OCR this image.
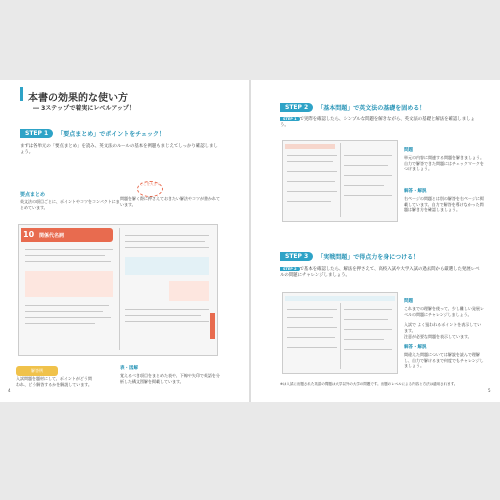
本書の効果的な使い方
― 3ステップで着実にレベルアップ！
STEP 1	「要点まとめ」でポイントをチェック！
まずは各単元の「要点まとめ」を読み、英文法のルールの基本を例題もまじえてしっかり確認しましょう。
要点まとめ
英文法の項目ごとに、ポイントやコツをコンパクトにまとめています。
ここを大きく
問題を解く際に押さえておきたい解法やコツが書かれています。
10 関係代名詞
解答例
入試問題を題材にして、ポイントがどう問われ、どう解答するかを解説しています。
表・図解
覚えるべき項目をまとめた表や、下線や矢印で英語を分析した構文図解を掲載しています。
4
STEP 2	「基本問題」で英文法の基礎を固める！
STEP 1 で実際を確認したら、シンプルな問題を解きながら、英文法の基礎と解法を確認しましょう。
問題
単元の内容に関連する問題を解きましょう。自力で解答できた問題にはチェックマークをつけましょう。
解答・解説
右ページの問題とは別の解答を右ページに掲載しています。自力で解答を導けなかった問題は解き方を確認しましょう。
STEP 3	「実戦問題」で得点力を身につける！
STEP 2 で基本を確認したら、解法を押さえて、高校入試や大学入試の過去問から厳選した発展レベルの問題にチャレンジしましょう。
問題
これまでの理解を使って、少し難しい発展レベルの問題にチャレンジしましょう。
入試で よく狙われるポイントを表示しています。
注意が必要な問題を表示しています。
解答・解説
間違えた問題については解説を読んで理解し、自力で解けるまで何度でもチャレンジしましょう。
※は入試に出題された英語の問題は大学以外の大学の問題です。出題のレベルによる内容と方法は適用されます。
5
